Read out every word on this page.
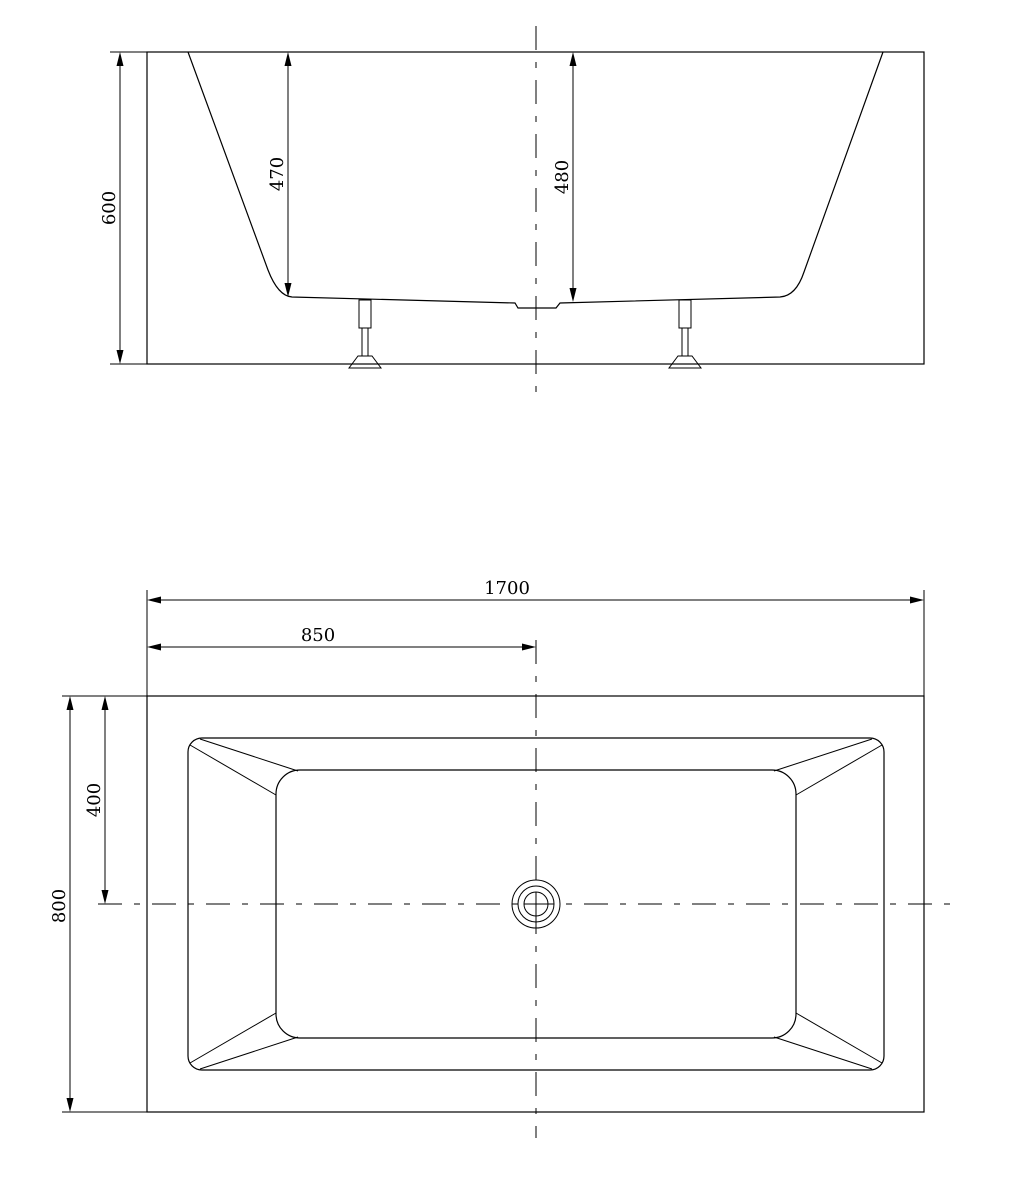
600
470	480
1700
850
800
400
